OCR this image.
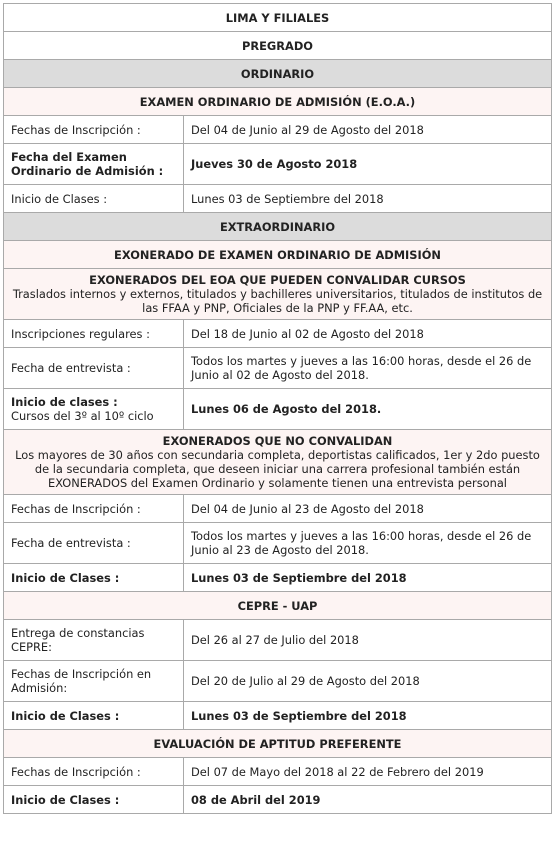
LIMA Y FILIALES	
PREGRADO	
ORDINARIO	
EXAMEN ORDINARIO DE ADMISIÓN (E.O.A.)	
Fechas de Inscripción :	Del 04 de Junio al 29 de Agosto del 2018
Fecha del Examen Ordinario de Admisión :	Jueves 30 de Agosto 2018
Inicio de Clases :	Lunes 03 de Septiembre del 2018
EXTRAORDINARIO	
EXONERADO DE EXAMEN ORDINARIO DE ADMISIÓN	

EXONERADOS DEL EOA QUE PUEDEN CONVALIDAR CURSOS
Traslados internos y externos, titulados y bachilleres universitarios, titulados de institutos de las FFAA y PNP, Oficiales de la PNP y FF.AA, etc.	

Inscripciones regulares :	Del 18 de Junio al 02 de Agosto del 2018
Fecha de entrevista :	Todos los martes y jueves a las 16:00 horas, desde el 26 de Junio al 02 de Agosto del 2018.
Inicio de clases :
Cursos del 3º al 10º ciclo	Lunes 06 de Agosto del 2018.

EXONERADOS QUE NO CONVALIDAN
Los mayores de 30 años con secundaria completa, deportistas calificados, 1er y 2do puesto de la secundaria completa, que deseen iniciar una carrera profesional también están EXONERADOS del Examen Ordinario y solamente tienen una entrevista personal	

Fechas de Inscripción :	Del 04 de Junio al 23 de Agosto del 2018
Fecha de entrevista :	Todos los martes y jueves a las 16:00 horas, desde el 26 de Junio al 23 de Agosto del 2018.
Inicio de Clases :	Lunes 03 de Septiembre del 2018
CEPRE - UAP	
Entrega de constancias CEPRE:	Del 26 al 27 de Julio del 2018
Fechas de Inscripción en Admisión:	Del 20 de Julio al 29 de Agosto del 2018
Inicio de Clases :	Lunes 03 de Septiembre del 2018
EVALUACIÓN DE APTITUD PREFERENTE	
Fechas de Inscripción :	Del 07 de Mayo del 2018 al 22 de Febrero del 2019
Inicio de Clases :	08 de Abril del 2019
